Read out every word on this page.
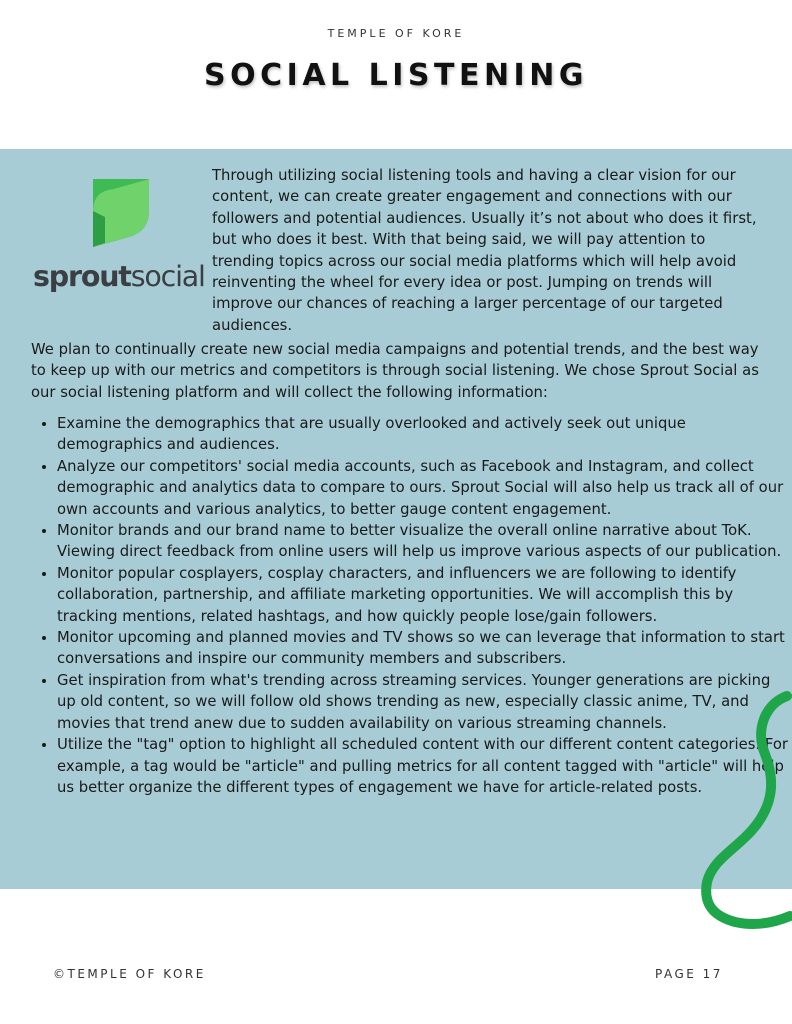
TEMPLE OF KORE
SOCIAL LISTENING
sproutsocial

Through utilizing social listening tools and having a clear vision for our content, we can create greater engagement and connections with our followers and potential audiences. Usually it’s not about who does it first, but who does it best. With that being said, we will pay attention to trending topics across our social media platforms which will help avoid reinventing the wheel for every idea or post. Jumping on trends will improve our chances of reaching a larger percentage of our targeted audiences.

We plan to continually create new social media campaigns and potential trends, and the best way to keep up with our metrics and competitors is through social listening. We chose Sprout Social as our social listening platform and will collect the following information:

• Examine the demographics that are usually overlooked and actively seek out unique demographics and audiences.
• Analyze our competitors' social media accounts, such as Facebook and Instagram, and collect demographic and analytics data to compare to ours. Sprout Social will also help us track all of our own accounts and various analytics, to better gauge content engagement.
• Monitor brands and our brand name to better visualize the overall online narrative about ToK. Viewing direct feedback from online users will help us improve various aspects of our publication.
• Monitor popular cosplayers, cosplay characters, and influencers we are following to identify collaboration, partnership, and affiliate marketing opportunities. We will accomplish this by tracking mentions, related hashtags, and how quickly people lose/gain followers.
• Monitor upcoming and planned movies and TV shows so we can leverage that information to start conversations and inspire our community members and subscribers.
• Get inspiration from what's trending across streaming services. Younger generations are picking up old content, so we will follow old shows trending as new, especially classic anime, TV, and movies that trend anew due to sudden availability on various streaming channels.
• Utilize the "tag" option to highlight all scheduled content with our different content categories. For example, a tag would be "article" and pulling metrics for all content tagged with "article" will help us better organize the different types of engagement we have for article-related posts.
©TEMPLE OF KORE	PAGE 17
